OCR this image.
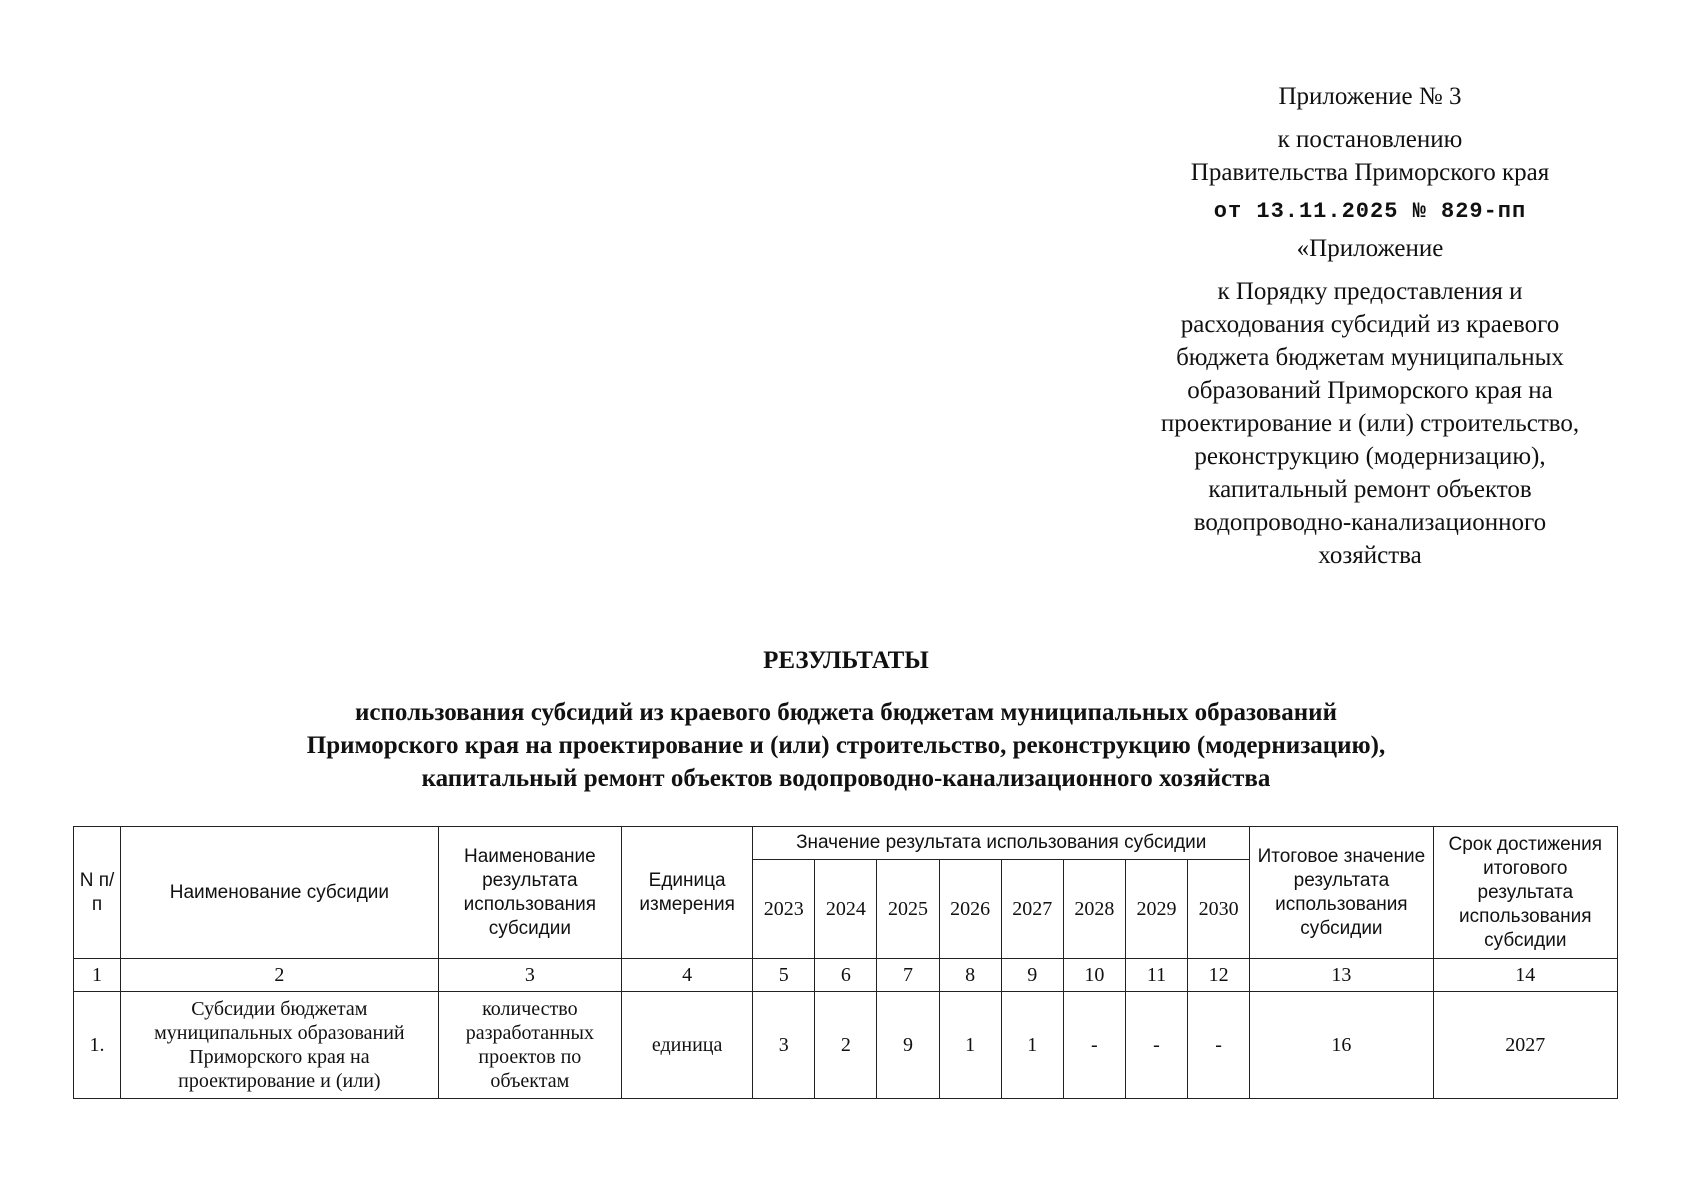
Приложение № 3
к постановлению
Правительства Приморского края
от 13.11.2025 № 829-пп
«Приложение
к Порядку предоставления и
расходования субсидий из краевого
бюджета бюджетам муниципальных
образований Приморского края на
проектирование и (или) строительство,
реконструкцию (модернизацию),
капитальный ремонт объектов
водопроводно-канализационного
хозяйства
РЕЗУЛЬТАТЫ
использования субсидий из краевого бюджета бюджетам муниципальных образований
Приморского края на проектирование и (или) строительство, реконструкцию (модернизацию),
капитальный ремонт объектов водопроводно-канализационного хозяйства
N п/п	Наименование субсидии	Наименование результата использования субсидии	Единица измерения	Значение результата использования субсидии								Итоговое значение результата использования субсидии	Срок достижения итогового результата использования субсидии
				2023	2024	2025	2026	2027	2028	2029	2030		
1	2	3	4	5	6	7	8	9	10	11	12	13	14
1.	Субсидии бюджетам муниципальных образований Приморского края на проектирование и (или)	количество разработанных проектов по объектам	единица	3	2	9	1	1	-	-	-	16	2027
